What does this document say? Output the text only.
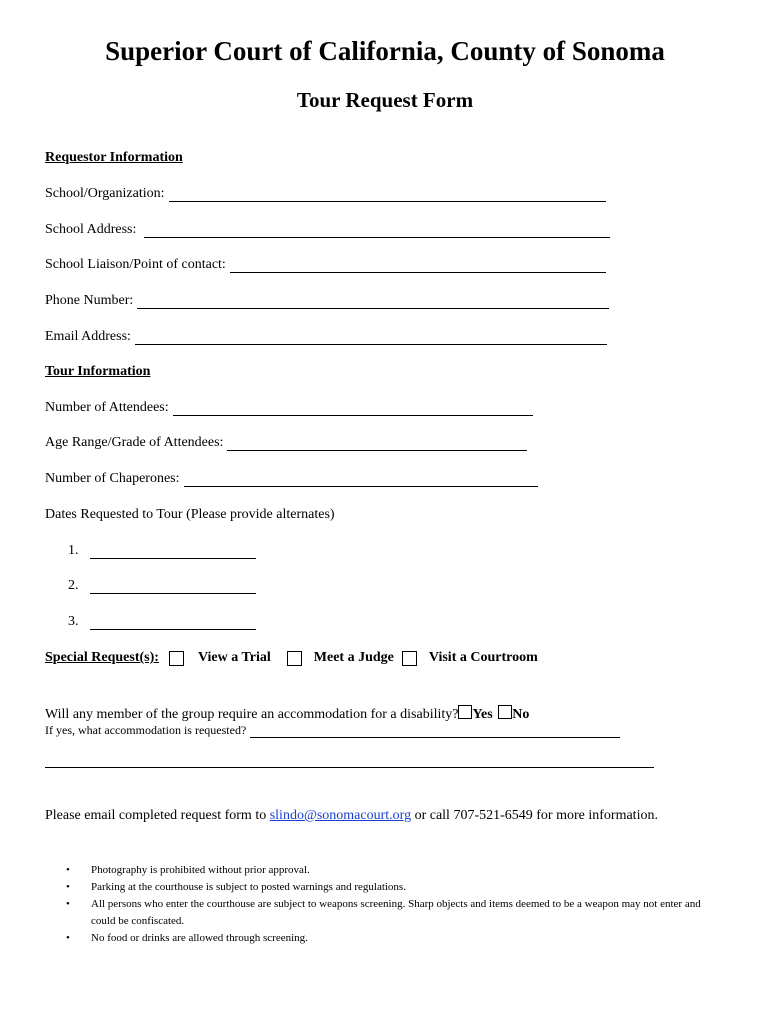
Superior Court of California, County of Sonoma
Tour Request Form
Requestor Information
School/Organization:
School Address:
School Liaison/Point of contact:
Phone Number:
Email Address:
Tour Information
Number of Attendees:
Age Range/Grade of Attendees:
Number of Chaperones:
Dates Requested to Tour (Please provide alternates)
1.
2.
3.
Special Request(s):	View a Trial	Meet a Judge	Visit a Courtroom
Will any member of the group require an accommodation for a disability? Yes No
If yes, what accommodation is requested?
Please email completed request form to slindo@sonomacourt.org or call 707-521-6549 for more information.
• Photography is prohibited without prior approval.
• Parking at the courthouse is subject to posted warnings and regulations.
• All persons who enter the courthouse are subject to weapons screening. Sharp objects and items deemed to be a weapon may not enter and could be confiscated.
• No food or drinks are allowed through screening.
